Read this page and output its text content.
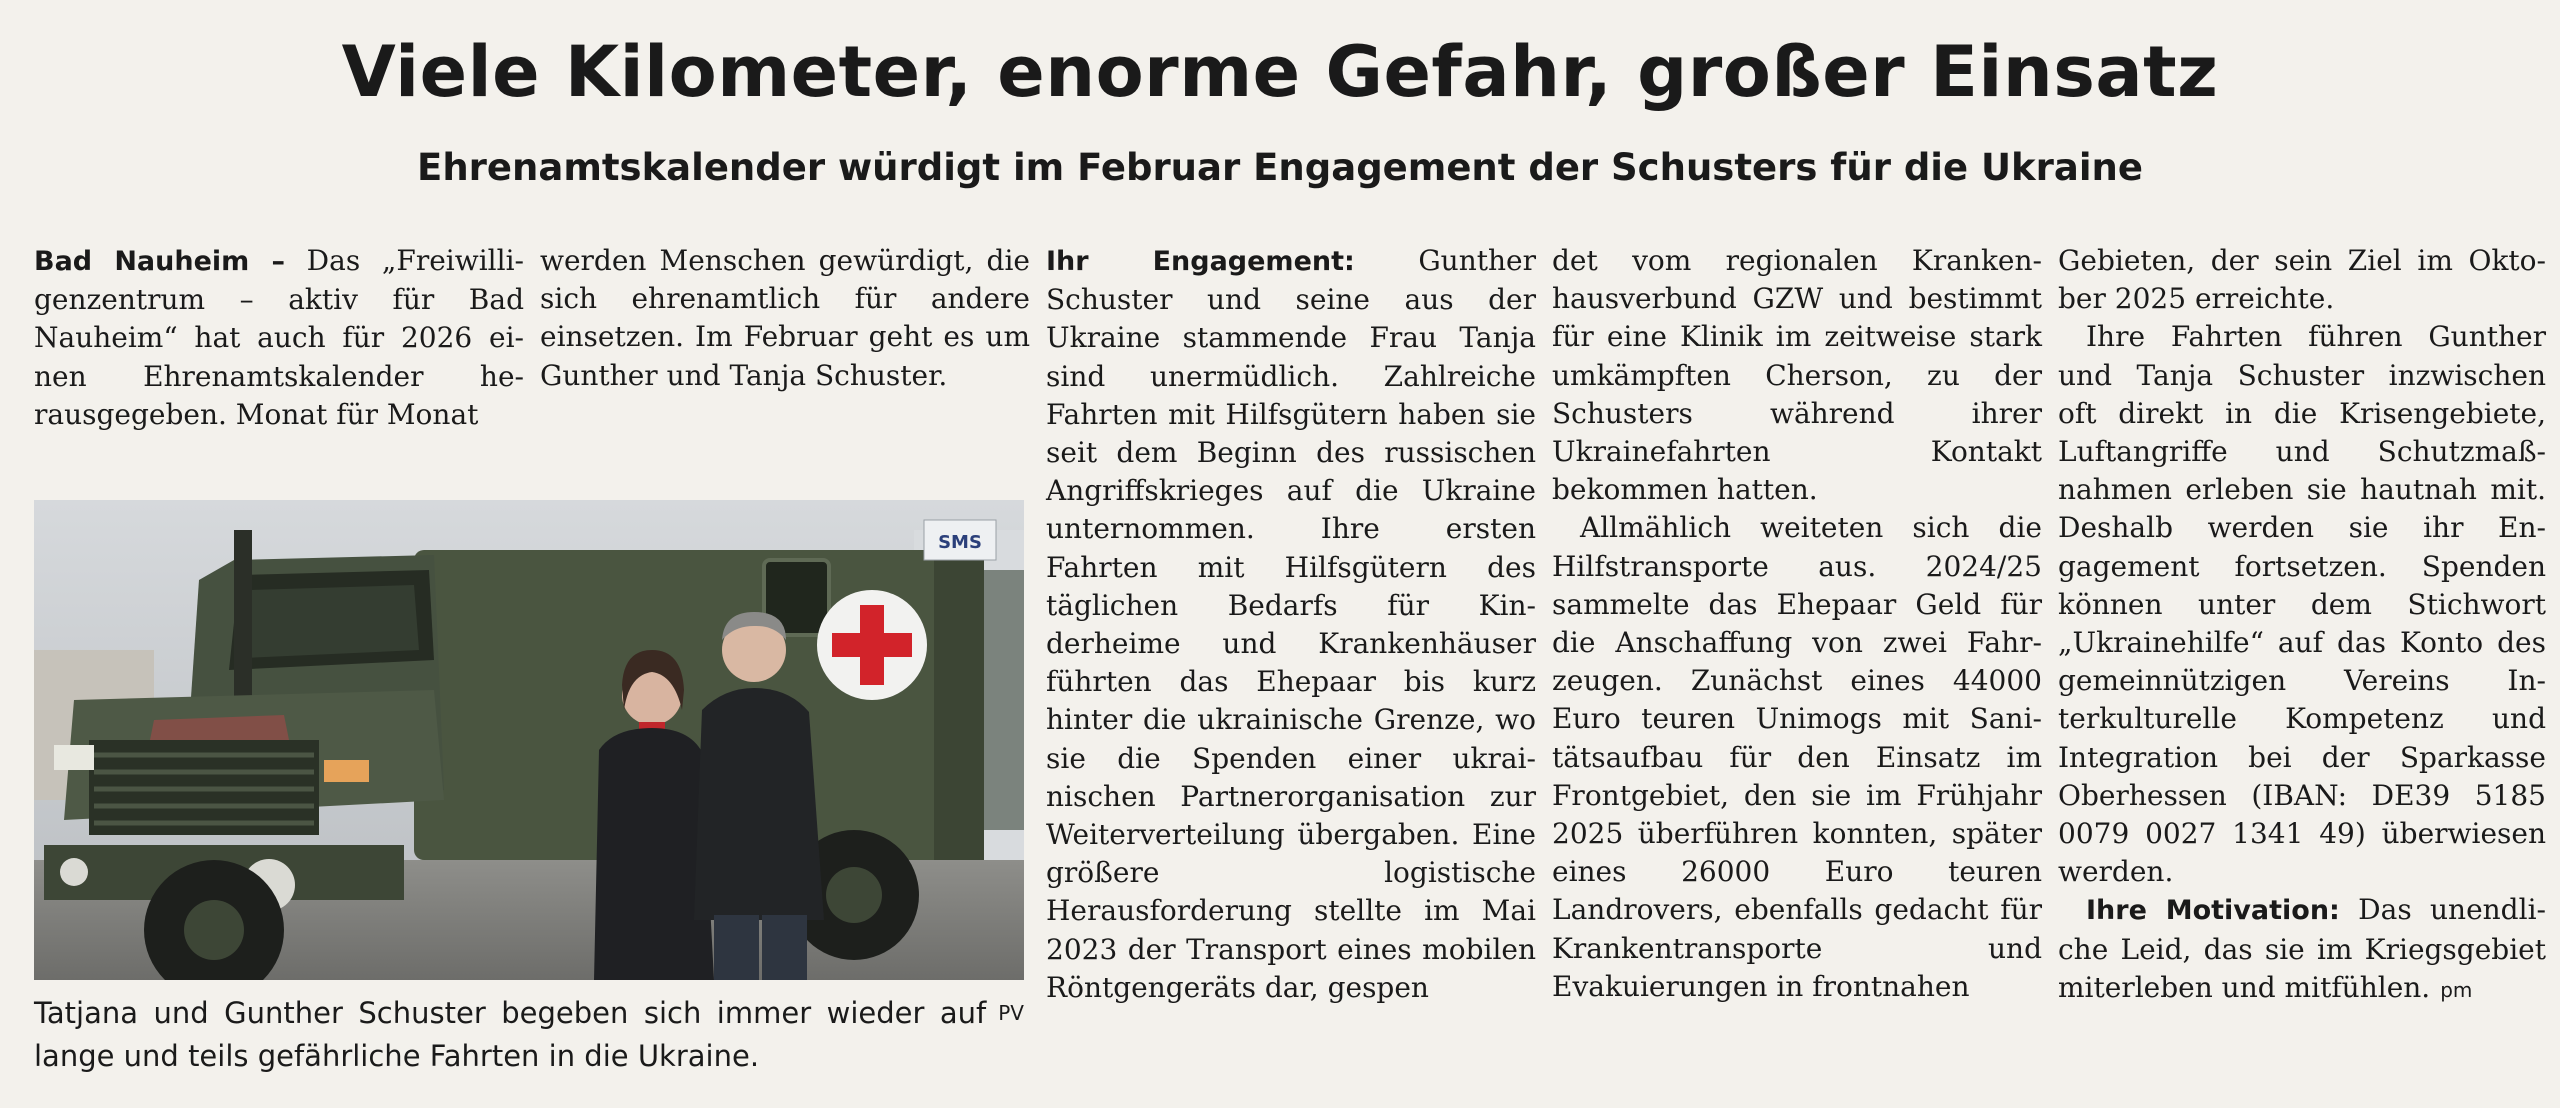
Viele Kilometer, enorme Gefahr, großer Einsatz
Ehrenamtskalender würdigt im Februar Engagement der Schusters für die Ukraine

Bad Nauheim – Das „Freiwilligenzentrum – aktiv für Bad Nauheim“ hat auch für 2026 einen Ehrenamtskalender herausgegeben. Monat für Monat

werden Menschen gewürdigt, die sich ehrenamtlich für andere einsetzen. Im Februar geht es um Gunther und Tanja Schuster.

Ihr Engagement: Gunther Schuster und seine aus der Ukraine stammende Frau Tanja sind unermüdlich. Zahlreiche Fahrten mit Hilfsgütern haben sie seit dem Beginn des russischen Angriffskrieges auf die Ukraine unternommen. Ihre ersten Fahrten mit Hilfsgütern des täglichen Bedarfs für Kinderheime und Krankenhäuser führten das Ehepaar bis kurz hinter die ukrainische Grenze, wo sie die Spenden einer ukrainischen Partnerorganisation zur Weiterverteilung übergaben. Eine größere logistische Herausforderung stellte im Mai 2023 der Transport eines mobilen Röntgengeräts dar, gespen

det vom regionalen Krankenhausverbund GZW und bestimmt für eine Klinik im zeitweise stark umkämpften Cherson, zu der Schusters während ihrer Ukrainefahrten Kontakt bekommen hatten.

Allmählich weiteten sich die Hilfstransporte aus. 2024/25 sammelte das Ehepaar Geld für die Anschaffung von zwei Fahrzeugen. Zunächst eines 44000 Euro teuren Unimogs mit Sanitätsaufbau für den Einsatz im Frontgebiet, den sie im Frühjahr 2025 überführen konnten, später eines 26000 Euro teuren Landrovers, ebenfalls gedacht für Krankentransporte und Evakuierungen in frontnahen

Gebieten, der sein Ziel im Oktober 2025 erreichte.

Ihre Fahrten führen Gunther und Tanja Schuster inzwischen oft direkt in die Krisengebiete, Luftangriffe und Schutzmaßnahmen erleben sie hautnah mit. Deshalb werden sie ihr Engagement fortsetzen. Spenden können unter dem Stichwort „Ukrainehilfe“ auf das Konto des gemeinnützigen Vereins Interkulturelle Kompetenz und Integration bei der Sparkasse Oberhessen (IBAN: DE39 5185 0079 0027 1341 49) überwiesen werden.

Ihre Motivation: Das unendliche Leid, das sie im Kriegsgebiet miterleben und mitfühlen. pm

SMS
PV
Tatjana und Gunther Schuster begeben sich immer wieder auf lange und teils gefährliche Fahrten in die Ukraine.
